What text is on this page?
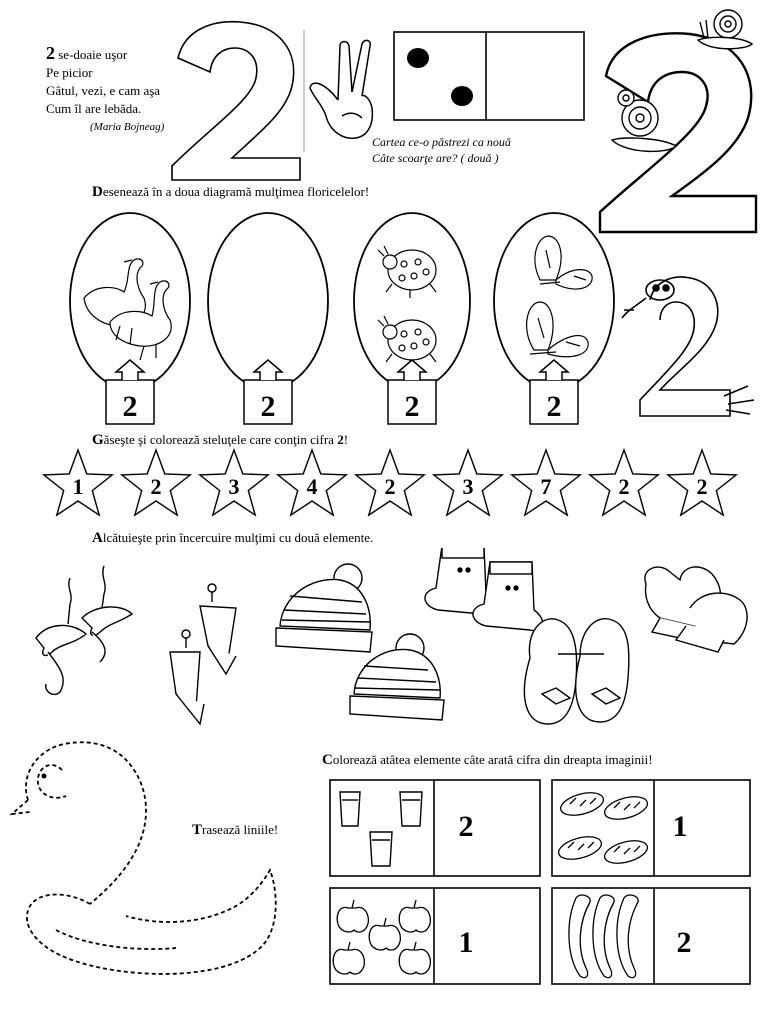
2 se-doaie uşor
Pe picior
Gâtul, vezi, e cam aşa
Cum îl are lebăda.
(Maria Bojneag)
Cartea ce-o păstrezi ca nouă
Câte scoarţe are? ( două )
Desenează în a doua diagramă mulţimea floricelelor!
2	2	2	2
Găseşte şi colorează steluţele care conţin cifra 2!
1	2	3	4	2	3	7	2	2
Alcătuieşte prin încercuire mulţimi cu două elemente.
Trasează liniile!
Colorează atâtea elemente câte arată cifra din dreapta imaginii!
2	1
1	2
